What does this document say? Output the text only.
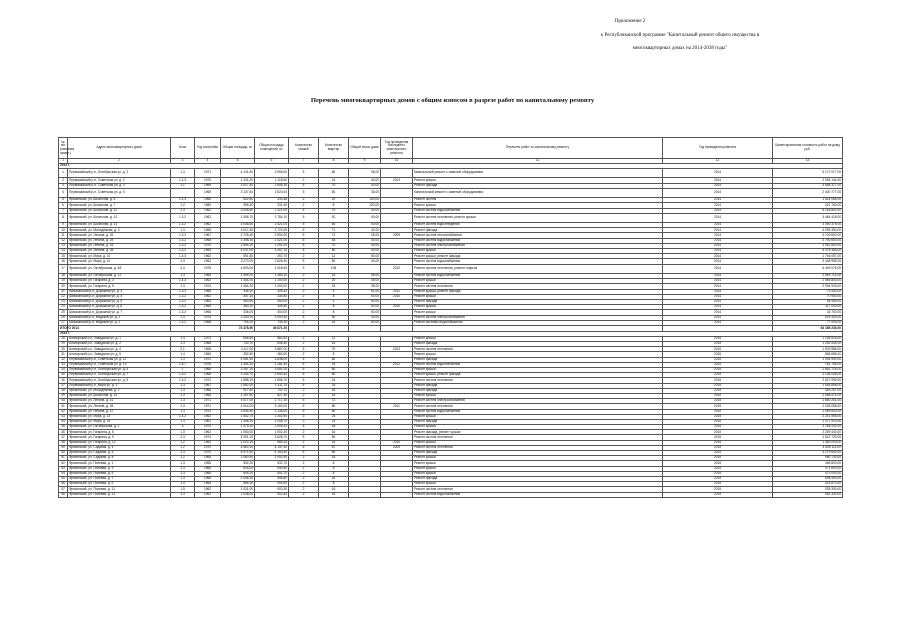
Приложение 2
к Республиканской программе "Капитальный ремонт общего имущества в
многоквартирных домах на 2014-2038 годы"
Перечень многоквартирных домов с общим износом в разрезе работ по капитальному ремонту
№ п/п (сквозная нумер.)	Адрес многоквартирного дома	Блок	Год постройки	Общая площадь, м²	Общая площадь помещений, м²	Количество этажей	Количество квартир	Общий износ дома	Год проведения последнего капитального ремонта	Перечень работ по капитальному ремонту	Год проведения ремонта	Ориентировочная стоимость работ на дому, руб.
1	2	3	4	5	6	7	8	9	10	11	12	13
2014 г.												
1	Первомайский р-н, Октябрьская ул. д. 2	1.3	1971	4 141,80	3 968,60	5	80	35,00		Капитальный ремонт с заменой оборудования	2014	5 172 977,00
2	Первомайский р-н, Советская ул. д. 2	1.2.3	1970	1 341,20	1 118,50	2	24	40,00	2013	Ремонт крыши	2014	2 094 144,00
3	Первомайский р-н, Советская ул. д. 3	1.1	1969	3 017,40	2 605,30	5	70	40,00		Ремонт фасада	2014	3 658 377,00
4	Первомайский р-н, Советская ул. д. 5		1965	3 137,60	2 620,00	5	80	35,00		Капитальный ремонт с заменой оборудования	2014	2 400 777,00
5	Фрязинский, ул. Школьная, д. 6	1.2.3	1966	502,60	330,48	2	10	100,00		Ремонт систем	2014	1 624 066,00
6	Фрязинский, ул. Школьная, д. 7	1.2	1980	395,30	331,49	2	8	100,00		Ремонт крыши	2014	321 760,00
7	Фрязинский, ул. Школьная, д. 11	1.3	1962	3 005,60	2 321,00	5	70	40,00		Ремонт систем водоснабжения	2014	8 145 800,00
8	Фрязинский, ул. Школьная, д. 12	1.3.2	1962	2 456,70	1 784,10	5	52	40,00		Ремонт систем отопления, ремонт крыши	2014	3 464 418,00
9	Фрязинский, ул. Школьная, д. 13	1.3.2	1962	3 048,60	2 421,00	5	80	40,00		Ремонт систем водоотведения	2014	3 390 376,00
10	Фрязинский, ул. Молодёжная, д. 3	1.3	1965	3 017,40	2 722,00	5	71	42,00		Ремонт фасада	2014	4 095 350,00
11	Фрязинский, ул. Ленина, д. 26	1.3.2	1967	2 725,40	2 694,00	5	72	45,00	2009	Ремонт систем теплоснабжения	2014	4 109 800,00
12	Фрязинский, ул. Ленина, д. 29	1.3.2	1968	2 398,10	2 421,00	5	48	40,00		Ремонт систем водоснабжения	2014	3 750 650,00
13	Фрязинский, ул. Ленина, д. 33	1.3.3	1970	2 594,20	2 251,00	5	70	40,00		Ремонт систем электроснабжения	2014	3 951 800,00
14	Фрязинский, ул. Ленина, д. 35	1.3.2	1965	4 047,00	3 267,10	5	80	40,00		Ремонт крыши	2014	5 378 355,00
15	Фрязинский, ул. Мира, д. 10	1.4.3	1962	591,60	492,70	2	12	60,00		Ремонт крыши, ремонт фасада	2014	1 746 057,00
16	Фрязинский, ул. Мира, д. 12	1.3	1963	3 270,00	2 826,40	5	80	43,00		Ремонт систем водоснабжения	2014	3 408 998,00
17	Фрязинский, ул. Октябрьская, д. 48	4.3	1976	4 593,00	4 418,50	9	108		2012	Ремонт систем отопления, ремонт лифтов	2014	6 449 076,00
18	Фрязинский, ул. Октябрьская, д. 12	1.3	1965	1 494,00	1 480,10	2	16	45,00		Ремонт систем водоснабжения	2014	2 569 714,00
19	Фрязинский, ул. Гагарина, д. 3	1.4.3	1962	1 354,20	1 100,00	2	20	45,00		Ремонт крыши	2014	2 565 850,00
20	Фрязинский, ул. Гагарина, д. 5	1.3	1974	1 454,20	1 000,00	2	24	35,00		Ремонт систем отопления	2014	2 094 943,00
21	Шихазанский р-н, Дорожная ул. д. 3	1.3.2	1968	335,30	328,42	2	4	51,00	2011	Ремонт крыши, ремонт фасада	2014	73 400,00
22	Шихазанский р-н, Дорожная ул. д. 4	1.3.2	1962	357,10	334,80	2	8	50,00	2010	Ремонт крыши	2014	70 900,00
23	Шихазанский р-н, Дорожная ул. д. 5	1.3.2	1963	363,60	353,00	2	4	50,00		Ремонт фасада	2014	94 080,00
24	Шихазанский р-н, Дорожная ул. д. 6	1.3.2	1965	360,20	349,50	2	8	50,00	2010	Ремонт крыши	2014	117 000,00
25	Шихазанский р-н, Дорожная ул. д. 7	1.3.2	1966	336,00	300,00	2	8	50,00		Ремонт крыши	2014	42 700,00
26	Шихазанский р-н, Медиков ул. д. 1	1.3	1973	2 300,00	2 000,40	5	60	30,00		Ремонт систем электроснабжения	2014	929 324,00
27	Шихазанский р-н, Медиков ул. д. 2	1.3.2	1968	794,20	745,30	2	16	60,00		Ремонт системы водоснабжения	2014	77 000,00
ИТОГО 2014				74 478,90	46 871,20							64 385 236,00
2015 г.												
28	Алатырский р-н, Заводская ул. д. 1	1.3	1971	606,60	563,90	2	12			Ремонт крыши	2015	1 106 516,00
29	Алатырский р-н, Заводская ул. д. 2	1.3	1966	730,70	646,40	2	16			Ремонт фасада	2015	1 182 534,00
30	Алатырский р-н, Заводская ул. д. 4	2.1	1966	4 117,00	3 887,00	5	70		2013	Ремонт систем отопления	2015	1 903 586,00
31	Алатырский р-н, Заводская ул. д. 5	1.4	1966	392,60	360,00	2	8			Ремонт крыши	2015	866 656,00
32	Первомайский р-н, Советская ул. д. 11	1.3	1972	4 081,40	3 638,00	5	80			Ремонт фасада	2015	1 004 590,00
33	Первомайский р-н, Советская ул. д. 13	1.6.7	1976	1 454,20	1 281,40	5	24		2012	Ремонт систем водоснабжения	2015	761 756,00
34	Первомайский р-н, Октябрьская ул. д. 5	1	1966	3 267,10	3 081,20	5	80			Ремонт крыши	2015	2 892 716,00
35	Первомайский р-н, Октябрьская ул. д. 7	1.3.2	1968	3 144,70	2 840,50	5	80			Ремонт крыши, ремонт фасада	2015	2 136 048,00
36	Первомайский р-н, Октябрьская ул. д. 9	1.3.2	1972	1 858,10	1 698,70	5	24			Ремонт систем отопления	2015	2 527 995,00
37	Первомайский р-н, Мира ул. д. 3	1.3	1967	1 582,00	1 411,70	5	24			Ремонт фасада	2015	1 655 898,00
38	Фрязинский, ул. Молодёжная, д. 2	1.3	1966	917,60	742,70	2	16			Ремонт фасада	2015	463 257,00
39	Фрязинский, ул. Школьная, д. 14	1.3	1966	1 157,60	827,40	2	16			Ремонт крыши	2015	1 088 474,00
40	Фрязинский, ул. Ленина, д. 41	1.3	1971	3 017,00	2 717,30	5	72			Ремонт систем электроснабжения	2015	1 680 261,00
41	Фрязинский, ул. Ленина, д. 45	1.3	1971	4 514,00	3 100,00	5	80		2011	Ремонт систем отопления	2015	1 035 058,00
42	Фрязинский, ул. Ленина, д. 47	1.3	1974	3 534,50	3 138,00	5	80			Ремонт систем водоснабжения	2015	1 089 600,00
43	Фрязинский, ул. Мира, д. 14	1.4.2	1962	1 502,70	1 302,50	3	24			Ремонт крыши	2015	2 241 556,00
44	Фрязинский, ул. Мира, д. 16	1.3	1961	1 346,20	1 206,70	3	24			Ремонт фасада	2015	1 071 913,00
45	Фрязинский, ул. Октябрьская, д. 2	3	1970	2 379,10	2 005,10	5	45			Ремонт крыши	2015	2 785 202,00
46	Фрязинский, ул. Гагарина, д. 8	1.3	1962	1 060,00	1 002,40	2	16			Ремонт фасада, ремонт крыши	2015	2 269 440,00
47	Фрязинский, ул. Гагарина, д. 9	2.3	1974	4 091,10	3 628,70	5	80			Ремонт систем отопления	2015	1 642 720,00
48	Фрязинский, ул. Гагарина, д. 12	1.2	1962	1 020,10	965,10	2	16		2010	Ремонт крыши	2015	1 050 000,00
49	Фрязинский, ул. Садовая, д. 4	1.2	1970	4 560,10	4 147,40	5	87		2009	Ремонт систем отопления	2015	4 655 114,00
50	Фрязинский, ул. Садовая, д. 6	1.3	1970	4 571,60	4 153,40	5	80			Ремонт фасада	2015	4 279 640,00
51	Фрязинский, ул. Садовая, д. 8	1.2	1966	1 060,90	1 002,40	2	18			Ремонт крыши	2015	960 730,00
52	Фрязинский, ул. Полевая, д. 1	1.3	1966	592,20	532,70	2	8			Ремонт крыши	2015	465 800,00
53	Фрязинский, ул. Полевая, д. 3	1.3	1966	618,00	540,50	2	8			Ремонт крыши	2015	471 600,00
54	Фрязинский, ул. Полевая, д. 5	1.3	1966	605,10	541,70	2	8			Ремонт крыши	2015	473 000,00
55	Фрязинский, ул. Полевая, д. 7	1.3	1966	1 036,30	906,80	2	16			Ремонт фасада	2015	898 450,00
56	Фрязинский, ул. Полевая, д. 9	1.4	1966	584,30	495,90	2	8			Ремонт крыши	2015	415 870,00
57	Фрязинский, ул. Полевая, д. 11	1.5	1962	1 031,00	903,30	2	16			Ремонт систем отопления	2015	925 390,00
58	Фрязинский, ул. Полевая, д. 13	1.3	1962	1 028,00	902,40	2	16			Ремонт систем водоснабжения	2015	961 330,00
